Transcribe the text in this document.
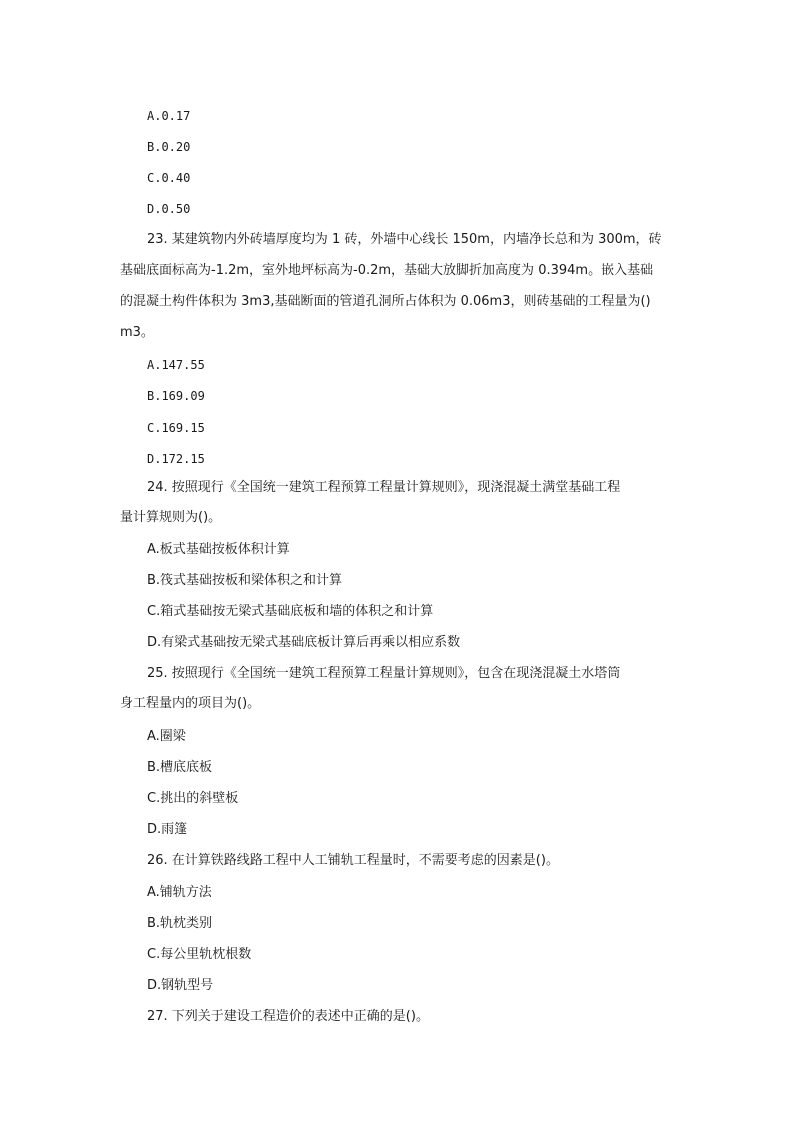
A.0.17
B.0.20
C.0.40
D.0.50
23. 某建筑物内外砖墙厚度均为 1 砖，外墙中心线长 150m，内墙净长总和为 300m，砖
基础底面标高为-1.2m，室外地坪标高为-0.2m，基础大放脚折加高度为 0.394m。嵌入基础
的混凝土构件体积为 3m3,基础断面的管道孔洞所占体积为 0.06m3，则砖基础的工程量为()
m3。
A.147.55
B.169.09
C.169.15
D.172.15
24. 按照现行《全国统一建筑工程预算工程量计算规则》，现浇混凝土满堂基础工程
量计算规则为()。
A.板式基础按板体积计算
B.筏式基础按板和梁体积之和计算
C.箱式基础按无梁式基础底板和墙的体积之和计算
D.有梁式基础按无梁式基础底板计算后再乘以相应系数
25. 按照现行《全国统一建筑工程预算工程量计算规则》，包含在现浇混凝土水塔筒
身工程量内的项目为()。
A.圈梁
B.槽底底板
C.挑出的斜壁板
D.雨篷
26. 在计算铁路线路工程中人工铺轨工程量时，不需要考虑的因素是()。
A.铺轨方法
B.轨枕类别
C.每公里轨枕根数
D.钢轨型号
27. 下列关于建设工程造价的表述中正确的是()。
